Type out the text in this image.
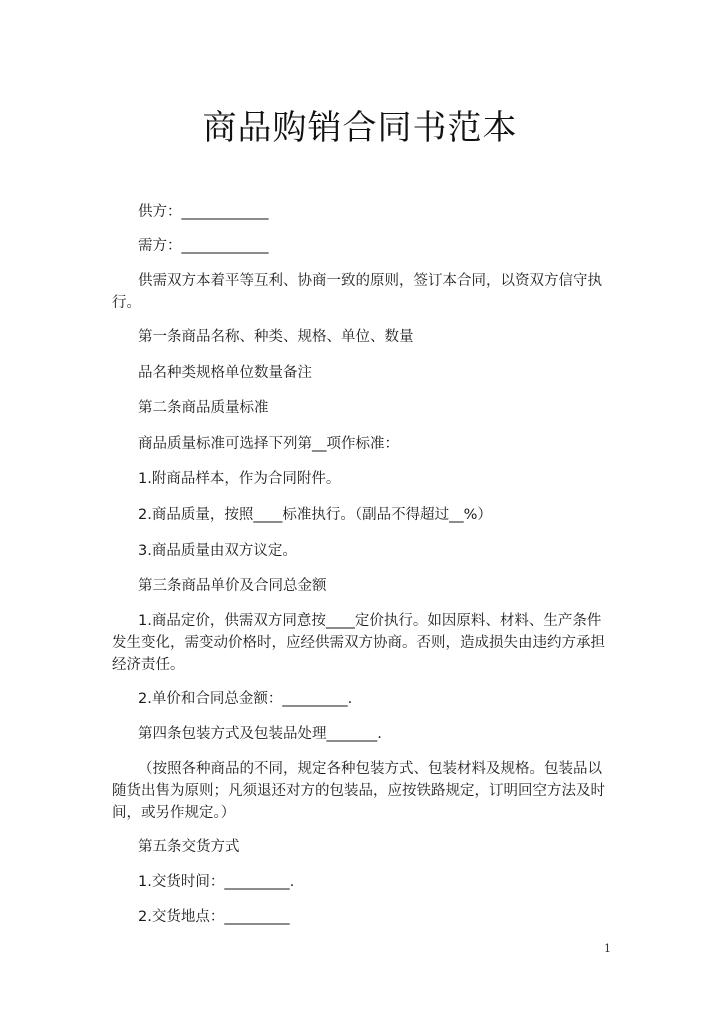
商品购销合同书范本
供方：____________
需方：____________
供需双方本着平等互利、协商一致的原则，签订本合同，以资双方信守执行。
第一条商品名称、种类、规格、单位、数量
品名种类规格单位数量备注
第二条商品质量标准
商品质量标准可选择下列第__项作标准：
1.附商品样本，作为合同附件。
2.商品质量，按照____标准执行。（副品不得超过__%）
3.商品质量由双方议定。
第三条商品单价及合同总金额
1.商品定价，供需双方同意按____定价执行。如因原料、材料、生产条件发生变化，需变动价格时，应经供需双方协商。否则，造成损失由违约方承担经济责任。
2.单价和合同总金额：_________.
第四条包装方式及包装品处理_______.
（按照各种商品的不同，规定各种包装方式、包装材料及规格。包装品以随货出售为原则；凡须退还对方的包装品，应按铁路规定，订明回空方法及时间，或另作规定。）
第五条交货方式
1.交货时间：_________.
2.交货地点：_________
1
